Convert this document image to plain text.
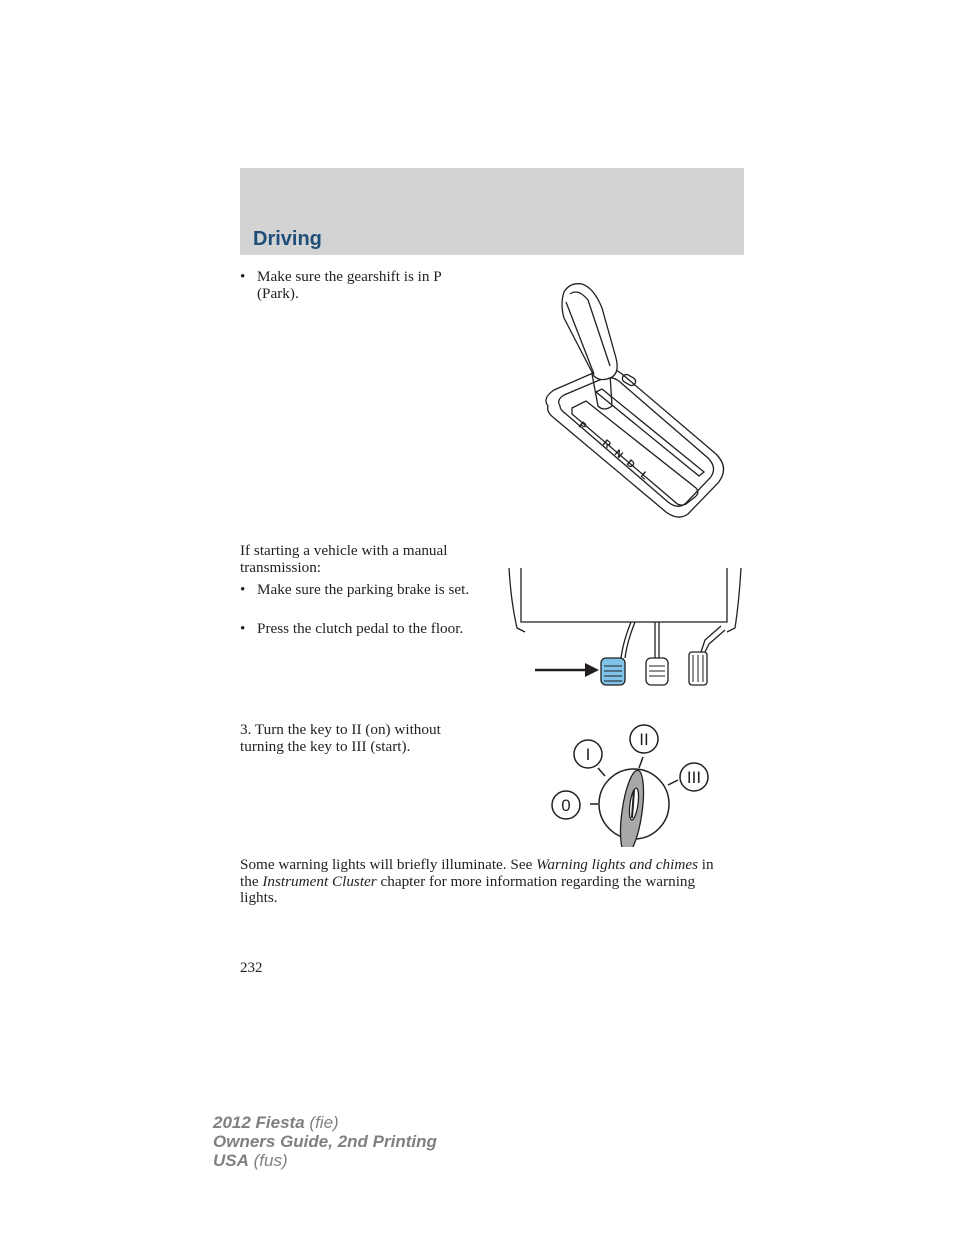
Driving
• Make sure the gearshift is in P (Park).
P
R
N
D
L
If starting a vehicle with a manual transmission:
• Make sure the parking brake is set.
• Press the clutch pedal to the floor.
3. Turn the key to II (on) without turning the key to III (start).
0
I
II
III
Some warning lights will briefly illuminate. See Warning lights and chimes in the Instrument Cluster chapter for more information regarding the warning lights.
232
2012 Fiesta (fie)
Owners Guide, 2nd Printing
USA (fus)
